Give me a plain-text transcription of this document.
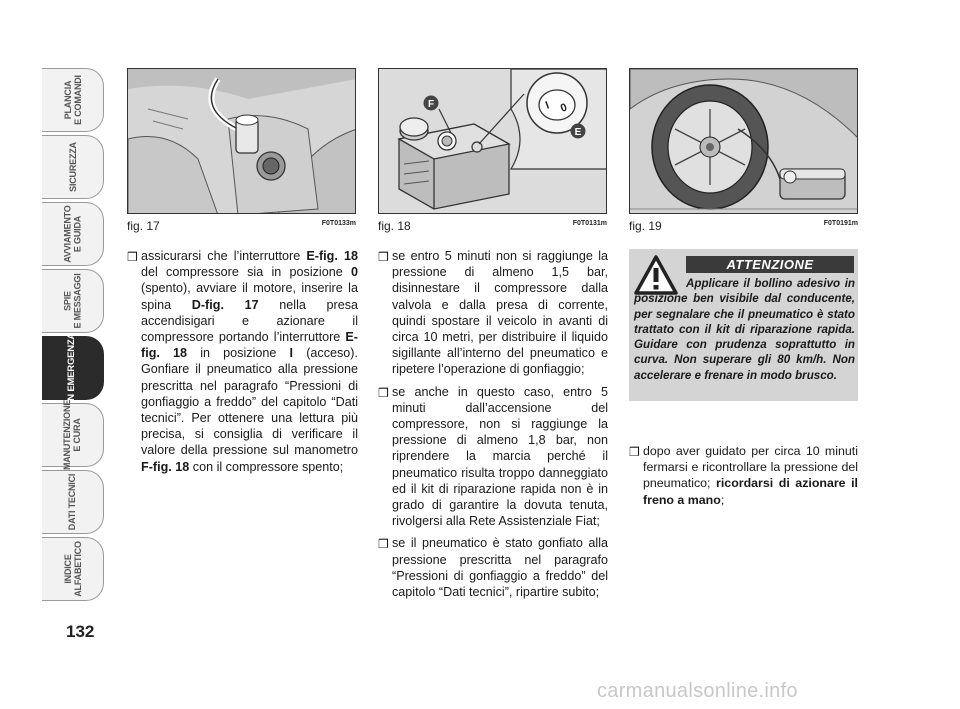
PLANCIA E COMANDI
SICUREZZA
AVVIAMENTO E GUIDA
SPIE E MESSAGGI
IN EMERGENZA
MANUTENZIONE E CURA
DATI TECNICI
INDICE ALFABETICO
132
fig. 17	F0T0133m
I 0
F
E
fig. 18	F0T0131m fig. 19	F0T0191m

❒ assicurarsi che l’interruttore E-fig. 18 del compressore sia in posizione 0 (spento), avviare il motore, inserire la spina D-fig. 17 nella presa accendisigari e azionare il compressore portando l’interruttore E-fig. 18 in posizione I (acceso). Gonfiare il pneumatico alla pressione prescritta nel paragrafo “Pressioni di gonfiaggio a freddo” del capitolo “Dati tecnici”. Per ottenere una lettura più precisa, si consiglia di verificare il valore della pressione sul manometro F-fig. 18 con il compressore spento;

❒ se entro 5 minuti non si raggiunge la pressione di almeno 1,5 bar, disinnestare il compressore dalla valvola e dalla presa di corrente, quindi spostare il veicolo in avanti di circa 10 metri, per distribuire il liquido sigillante all’interno del pneumatico e ripetere l’operazione di gonfiaggio;

❒ se anche in questo caso, entro 5 minuti dall’accensione del compressore, non si raggiunge la pressione di almeno 1,8 bar, non riprendere la marcia perché il pneumatico risulta troppo danneggiato ed il kit di riparazione rapida non è in grado di garantire la dovuta tenuta, rivolgersi alla Rete Assistenziale Fiat;

❒ se il pneumatico è stato gonfiato alla pressione prescritta nel paragrafo “Pressioni di gonfiaggio a freddo” del capitolo “Dati tecnici”, ripartire subito;

ATTENZIONE
Applicare il bollino adesivo in posizione ben visibile dal conducente, per segnalare che il pneumatico è stato trattato con il kit di riparazione rapida. Guidare con prudenza soprattutto in curva. Non superare gli 80 km/h. Non accelerare e frenare in modo brusco.

❒ dopo aver guidato per circa 10 minuti fermarsi e ricontrollare la pressione del pneumatico; ricordarsi di azionare il freno a mano;

carmanualsonline.info
